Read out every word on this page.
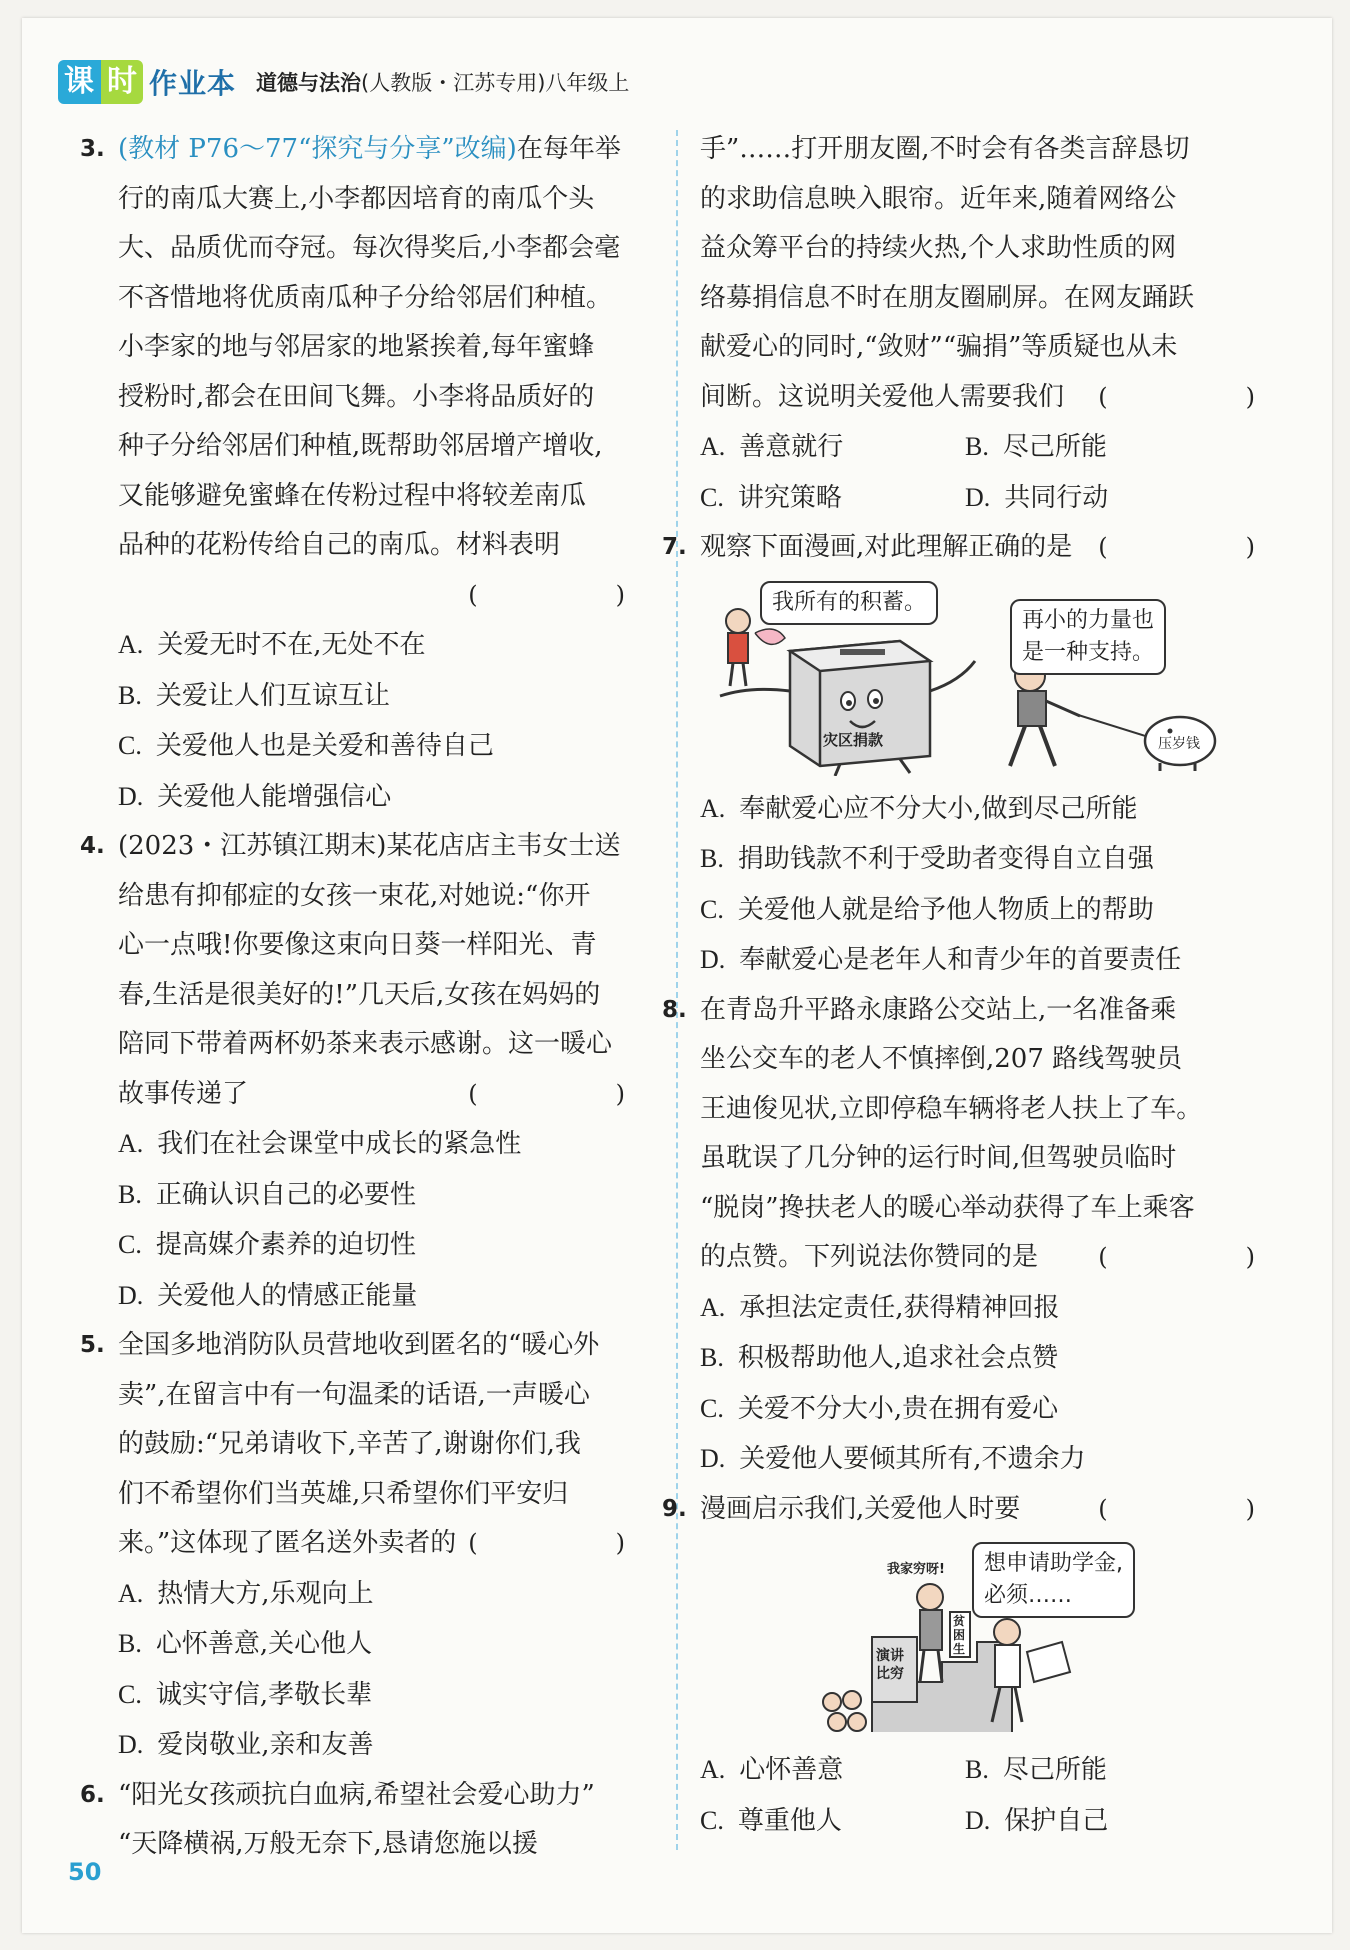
课 时 作业本 道德与法治(人教版・江苏专用)八年级上
3. (教材 P76～77“探究与分享”改编)在每年举
行的南瓜大赛上,小李都因培育的南瓜个头
大、品质优而夺冠。每次得奖后,小李都会毫
不吝惜地将优质南瓜种子分给邻居们种植。
小李家的地与邻居家的地紧挨着,每年蜜蜂
授粉时,都会在田间飞舞。小李将品质好的
种子分给邻居们种植,既帮助邻居增产增收,
又能够避免蜜蜂在传粉过程中将较差南瓜
品种的花粉传给自己的南瓜。材料表明
(　　)

A. 关爱无时不在,无处不在
B. 关爱让人们互谅互让
C. 关爱他人也是关爱和善待自己
D. 关爱他人能增强信心
4. (2023・江苏镇江期末)某花店店主韦女士送
给患有抑郁症的女孩一束花,对她说:“你开
心一点哦!你要像这束向日葵一样阳光、青
春,生活是很美好的!”几天后,女孩在妈妈的
陪同下带着两杯奶茶来表示感谢。这一暖心
故事传递了	(　　)
A. 我们在社会课堂中成长的紧急性
B. 正确认识自己的必要性
C. 提高媒介素养的迫切性
D. 关爱他人的情感正能量
5. 全国多地消防队员营地收到匿名的“暖心外
卖”,在留言中有一句温柔的话语,一声暖心
的鼓励:“兄弟请收下,辛苦了,谢谢你们,我
们不希望你们当英雄,只希望你们平安归
来。”这体现了匿名送外卖者的 (　　)
A. 热情大方,乐观向上
B. 心怀善意,关心他人
C. 诚实守信,孝敬长辈
D. 爱岗敬业,亲和友善
6. “阳光女孩顽抗白血病,希望社会爱心助力”
“天降横祸,万般无奈下,恳请您施以援
手”……打开朋友圈,不时会有各类言辞恳切
的求助信息映入眼帘。近年来,随着网络公
益众筹平台的持续火热,个人求助性质的网
络募捐信息不时在朋友圈刷屏。在网友踊跃
献爱心的同时,“敛财”“骗捐”等质疑也从未
间断。这说明关爱他人需要我们 (　　)
A. 善意就行	B. 尽己所能
C. 讲究策略	D. 共同行动
7. 观察下面漫画,对此理解正确的是 (　　)
我所有的积蓄。
再小的力量也
是一种支持。
灾区捐款	压岁钱
A. 奉献爱心应不分大小,做到尽己所能
B. 捐助钱款不利于受助者变得自立自强
C. 关爱他人就是给予他人物质上的帮助
D. 奉献爱心是老年人和青少年的首要责任
8. 在青岛升平路永康路公交站上,一名准备乘
坐公交车的老人不慎摔倒,207 路线驾驶员
王迪俊见状,立即停稳车辆将老人扶上了车。
虽耽误了几分钟的运行时间,但驾驶员临时
“脱岗”搀扶老人的暖心举动获得了车上乘客
的点赞。下列说法你赞同的是	(　　)
A. 承担法定责任,获得精神回报
B. 积极帮助他人,追求社会点赞
C. 关爱不分大小,贵在拥有爱心
D. 关爱他人要倾其所有,不遗余力
9. 漫画启示我们,关爱他人时要	(　　)
想申请助学金,
必须……
我家穷呀!
演讲比穷
贫困生
A. 心怀善意	B. 尽己所能
C. 尊重他人	D. 保护自己
50
